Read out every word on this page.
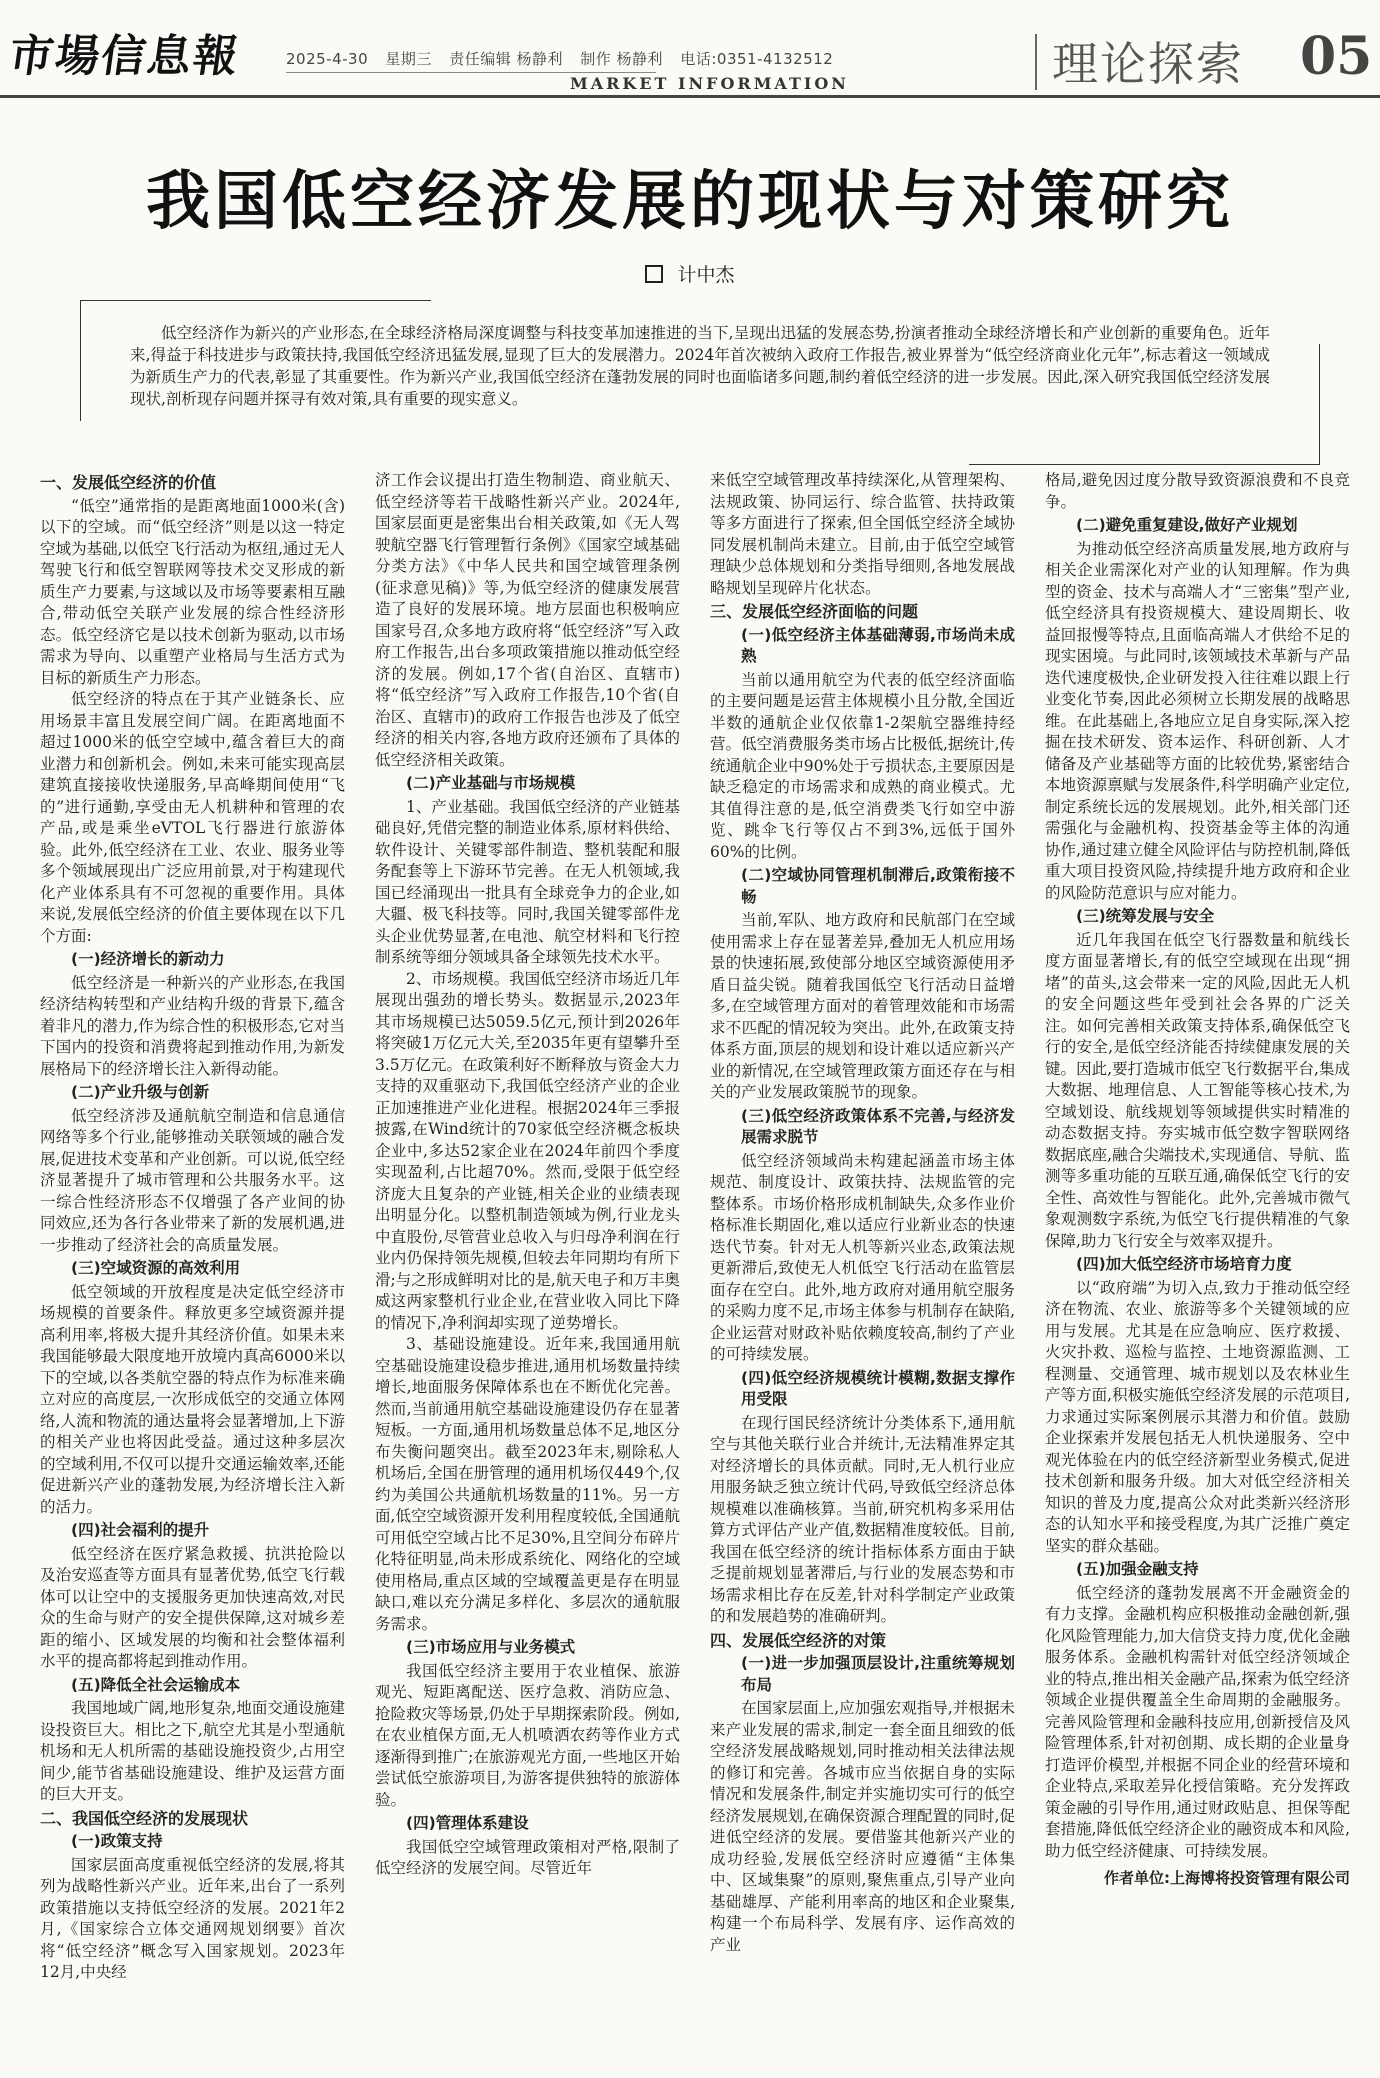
市場信息報	2025-4-30 星期三 责任编辑 杨静利 制作 杨静利 电话:0351-4132512
MARKET INFORMATION	理论探索 05
我国低空经济发展的现状与对策研究
计中杰

低空经济作为新兴的产业形态,在全球经济格局深度调整与科技变革加速推进的当下,呈现出迅猛的发展态势,扮演者推动全球经济增长和产业创新的重要角色。近年来,得益于科技进步与政策扶持,我国低空经济迅猛发展,显现了巨大的发展潜力。2024年首次被纳入政府工作报告,被业界誉为“低空经济商业化元年”,标志着这一领域成为新质生产力的代表,彰显了其重要性。作为新兴产业,我国低空经济在蓬勃发展的同时也面临诸多问题,制约着低空经济的进一步发展。因此,深入研究我国低空经济发展现状,剖析现存问题并探寻有效对策,具有重要的现实意义。

一、发展低空经济的价值

“低空”通常指的是距离地面1000米(含)以下的空域。而“低空经济”则是以这一特定空域为基础,以低空飞行活动为枢纽,通过无人驾驶飞行和低空智联网等技术交叉形成的新质生产力要素,与这域以及市场等要素相互融合,带动低空关联产业发展的综合性经济形态。低空经济它是以技术创新为驱动,以市场需求为导向、以重塑产业格局与生活方式为目标的新质生产力形态。

低空经济的特点在于其产业链条长、应用场景丰富且发展空间广阔。在距离地面不超过1000米的低空空域中,蕴含着巨大的商业潜力和创新机会。例如,未来可能实现高层建筑直接接收快递服务,早高峰期间使用“飞的”进行通勤,享受由无人机耕种和管理的农产品,或是乘坐eVTOL飞行器进行旅游体验。此外,低空经济在工业、农业、服务业等多个领域展现出广泛应用前景,对于构建现代化产业体系具有不可忽视的重要作用。具体来说,发展低空经济的价值主要体现在以下几个方面:

(一)经济增长的新动力

低空经济是一种新兴的产业形态,在我国经济结构转型和产业结构升级的背景下,蕴含着非凡的潜力,作为综合性的积极形态,它对当下国内的投资和消费将起到推动作用,为新发展格局下的经济增长注入新得动能。

(二)产业升级与创新

低空经济涉及通航航空制造和信息通信网络等多个行业,能够推动关联领域的融合发展,促进技术变革和产业创新。可以说,低空经济显著提升了城市管理和公共服务水平。这一综合性经济形态不仅增强了各产业间的协同效应,还为各行各业带来了新的发展机遇,进一步推动了经济社会的高质量发展。

(三)空域资源的高效利用

低空领域的开放程度是决定低空经济市场规模的首要条件。释放更多空域资源并提高利用率,将极大提升其经济价值。如果未来我国能够最大限度地开放境内真高6000米以下的空域,以各类航空器的特点作为标准来确立对应的高度层,一次形成低空的交通立体网络,人流和物流的通达量将会显著增加,上下游的相关产业也将因此受益。通过这种多层次的空域利用,不仅可以提升交通运输效率,还能促进新兴产业的蓬勃发展,为经济增长注入新的活力。

(四)社会福利的提升

低空经济在医疗紧急救援、抗洪抢险以及治安巡查等方面具有显著优势,低空飞行载体可以让空中的支援服务更加快速高效,对民众的生命与财产的安全提供保障,这对城乡差距的缩小、区域发展的均衡和社会整体福利水平的提高都将起到推动作用。

(五)降低全社会运输成本

我国地域广阔,地形复杂,地面交通设施建设投资巨大。相比之下,航空尤其是小型通航机场和无人机所需的基础设施投资少,占用空间少,能节省基础设施建设、维护及运营方面的巨大开支。

二、我国低空经济的发展现状
(一)政策支持

国家层面高度重视低空经济的发展,将其列为战略性新兴产业。近年来,出台了一系列政策措施以支持低空经济的发展。2021年2月,《国家综合立体交通网规划纲要》首次将“低空经济”概念写入国家规划。2023年12月,中央经

济工作会议提出打造生物制造、商业航天、低空经济等若干战略性新兴产业。2024年,国家层面更是密集出台相关政策,如《无人驾驶航空器飞行管理暂行条例》《国家空域基础分类方法》《中华人民共和国空域管理条例(征求意见稿)》等,为低空经济的健康发展营造了良好的发展环境。地方层面也积极响应国家号召,众多地方政府将“低空经济”写入政府工作报告,出台多项政策措施以推动低空经济的发展。例如,17个省(自治区、直辖市)将“低空经济”写入政府工作报告,10个省(自治区、直辖市)的政府工作报告也涉及了低空经济的相关内容,各地方政府还颁布了具体的低空经济相关政策。

(二)产业基础与市场规模

1、产业基础。我国低空经济的产业链基础良好,凭借完整的制造业体系,原材料供给、软件设计、关键零部件制造、整机装配和服务配套等上下游环节完善。在无人机领域,我国已经涌现出一批具有全球竞争力的企业,如大疆、极飞科技等。同时,我国关键零部件龙头企业优势显著,在电池、航空材料和飞行控制系统等细分领域具备全球领先技术水平。

2、市场规模。我国低空经济市场近几年展现出强劲的增长势头。数据显示,2023年其市场规模已达5059.5亿元,预计到2026年将突破1万亿元大关,至2035年更有望攀升至3.5万亿元。在政策利好不断释放与资金大力支持的双重驱动下,我国低空经济产业的企业正加速推进产业化进程。根据2024年三季报披露,在Wind统计的70家低空经济概念板块企业中,多达52家企业在2024年前四个季度实现盈利,占比超70%。然而,受限于低空经济庞大且复杂的产业链,相关企业的业绩表现出明显分化。以整机制造领域为例,行业龙头中直股份,尽管营业总收入与归母净利润在行业内仍保持领先规模,但较去年同期均有所下滑;与之形成鲜明对比的是,航天电子和万丰奥威这两家整机行业企业,在营业收入同比下降的情况下,净利润却实现了逆势增长。

3、基础设施建设。近年来,我国通用航空基础设施建设稳步推进,通用机场数量持续增长,地面服务保障体系也在不断优化完善。然而,当前通用航空基础设施建设仍存在显著短板。一方面,通用机场数量总体不足,地区分布失衡问题突出。截至2023年末,剔除私人机场后,全国在册管理的通用机场仅449个,仅约为美国公共通航机场数量的11%。另一方面,低空空域资源开发利用程度较低,全国通航可用低空空域占比不足30%,且空间分布碎片化特征明显,尚未形成系统化、网络化的空域使用格局,重点区域的空域覆盖更是存在明显缺口,难以充分满足多样化、多层次的通航服务需求。

(三)市场应用与业务模式

我国低空经济主要用于农业植保、旅游观光、短距离配送、医疗急救、消防应急、抢险救灾等场景,仍处于早期探索阶段。例如,在农业植保方面,无人机喷洒农药等作业方式逐渐得到推广;在旅游观光方面,一些地区开始尝试低空旅游项目,为游客提供独特的旅游体验。

(四)管理体系建设

我国低空空域管理政策相对严格,限制了低空经济的发展空间。尽管近年

来低空空域管理改革持续深化,从管理架构、法规政策、协同运行、综合监管、扶持政策等多方面进行了探索,但全国低空经济全域协同发展机制尚未建立。目前,由于低空空域管理缺少总体规划和分类指导细则,各地发展战略规划呈现碎片化状态。

三、发展低空经济面临的问题
(一)低空经济主体基础薄弱,市场尚未成熟

当前以通用航空为代表的低空经济面临的主要问题是运营主体规模小且分散,全国近半数的通航企业仅依靠1-2架航空器维持经营。低空消费服务类市场占比极低,据统计,传统通航企业中90%处于亏损状态,主要原因是缺乏稳定的市场需求和成熟的商业模式。尤其值得注意的是,低空消费类飞行如空中游览、跳伞飞行等仅占不到3%,远低于国外60%的比例。

(二)空域协同管理机制滞后,政策衔接不畅

当前,军队、地方政府和民航部门在空域使用需求上存在显著差异,叠加无人机应用场景的快速拓展,致使部分地区空域资源使用矛盾日益尖锐。随着我国低空飞行活动日益增多,在空域管理方面对的着管理效能和市场需求不匹配的情况较为突出。此外,在政策支持体系方面,顶层的规划和设计难以适应新兴产业的新情况,在空域管理政策方面还存在与相关的产业发展政策脱节的现象。

(三)低空经济政策体系不完善,与经济发展需求脱节

低空经济领域尚未构建起涵盖市场主体规范、制度设计、政策扶持、法规监管的完整体系。市场价格形成机制缺失,众多作业价格标准长期固化,难以适应行业新业态的快速迭代节奏。针对无人机等新兴业态,政策法规更新滞后,致使无人机低空飞行活动在监管层面存在空白。此外,地方政府对通用航空服务的采购力度不足,市场主体参与机制存在缺陷,企业运营对财政补贴依赖度较高,制约了产业的可持续发展。

(四)低空经济规模统计模糊,数据支撑作用受限

在现行国民经济统计分类体系下,通用航空与其他关联行业合并统计,无法精准界定其对经济增长的具体贡献。同时,无人机行业应用服务缺乏独立统计代码,导致低空经济总体规模难以准确核算。当前,研究机构多采用估算方式评估产业产值,数据精准度较低。目前,我国在低空经济的统计指标体系方面由于缺乏提前规划显著滞后,与行业的发展态势和市场需求相比存在反差,针对科学制定产业政策的和发展趋势的准确研判。

四、发展低空经济的对策
(一)进一步加强顶层设计,注重统筹规划布局

在国家层面上,应加强宏观指导,并根据未来产业发展的需求,制定一套全面且细致的低空经济发展战略规划,同时推动相关法律法规的修订和完善。各城市应当依据自身的实际情况和发展条件,制定并实施切实可行的低空经济发展规划,在确保资源合理配置的同时,促进低空经济的发展。要借鉴其他新兴产业的成功经验,发展低空经济时应遵循“主体集中、区域集聚”的原则,聚焦重点,引导产业向基础雄厚、产能利用率高的地区和企业聚集,构建一个布局科学、发展有序、运作高效的产业

格局,避免因过度分散导致资源浪费和不良竞争。

(二)避免重复建设,做好产业规划

为推动低空经济高质量发展,地方政府与相关企业需深化对产业的认知理解。作为典型的资金、技术与高端人才“三密集”型产业,低空经济具有投资规模大、建设周期长、收益回报慢等特点,且面临高端人才供给不足的现实困境。与此同时,该领域技术革新与产品迭代速度极快,企业研发投入往往难以跟上行业变化节奏,因此必须树立长期发展的战略思维。在此基础上,各地应立足自身实际,深入挖掘在技术研发、资本运作、科研创新、人才储备及产业基础等方面的比较优势,紧密结合本地资源禀赋与发展条件,科学明确产业定位,制定系统长远的发展规划。此外,相关部门还需强化与金融机构、投资基金等主体的沟通协作,通过建立健全风险评估与防控机制,降低重大项目投资风险,持续提升地方政府和企业的风险防范意识与应对能力。

(三)统筹发展与安全

近几年我国在低空飞行器数量和航线长度方面显著增长,有的低空空域现在出现“拥堵”的苗头,这会带来一定的风险,因此无人机的安全问题这些年受到社会各界的广泛关注。如何完善相关政策支持体系,确保低空飞行的安全,是低空经济能否持续健康发展的关键。因此,要打造城市低空飞行数据平台,集成大数据、地理信息、人工智能等核心技术,为空域划设、航线规划等领域提供实时精准的动态数据支持。夯实城市低空数字智联网络数据底座,融合尖端技术,实现通信、导航、监测等多重功能的互联互通,确保低空飞行的安全性、高效性与智能化。此外,完善城市微气象观测数字系统,为低空飞行提供精准的气象保障,助力飞行安全与效率双提升。

(四)加大低空经济市场培育力度

以“政府端”为切入点,致力于推动低空经济在物流、农业、旅游等多个关键领域的应用与发展。尤其是在应急响应、医疗救援、火灾扑救、巡检与监控、土地资源监测、工程测量、交通管理、城市规划以及农林业生产等方面,积极实施低空经济发展的示范项目,力求通过实际案例展示其潜力和价值。鼓励企业探索并发展包括无人机快递服务、空中观光体验在内的低空经济新型业务模式,促进技术创新和服务升级。加大对低空经济相关知识的普及力度,提高公众对此类新兴经济形态的认知水平和接受程度,为其广泛推广奠定坚实的群众基础。

(五)加强金融支持

低空经济的蓬勃发展离不开金融资金的有力支撑。金融机构应积极推动金融创新,强化风险管理能力,加大信贷支持力度,优化金融服务体系。金融机构需针对低空经济领域企业的特点,推出相关金融产品,探索为低空经济领域企业提供覆盖全生命周期的金融服务。完善风险管理和金融科技应用,创新授信及风险管理体系,针对初创期、成长期的企业量身打造评价模型,并根据不同企业的经营环境和企业特点,采取差异化授信策略。充分发挥政策金融的引导作用,通过财政贴息、担保等配套措施,降低低空经济企业的融资成本和风险,助力低空经济健康、可持续发展。

作者单位:上海博将投资管理有限公司
